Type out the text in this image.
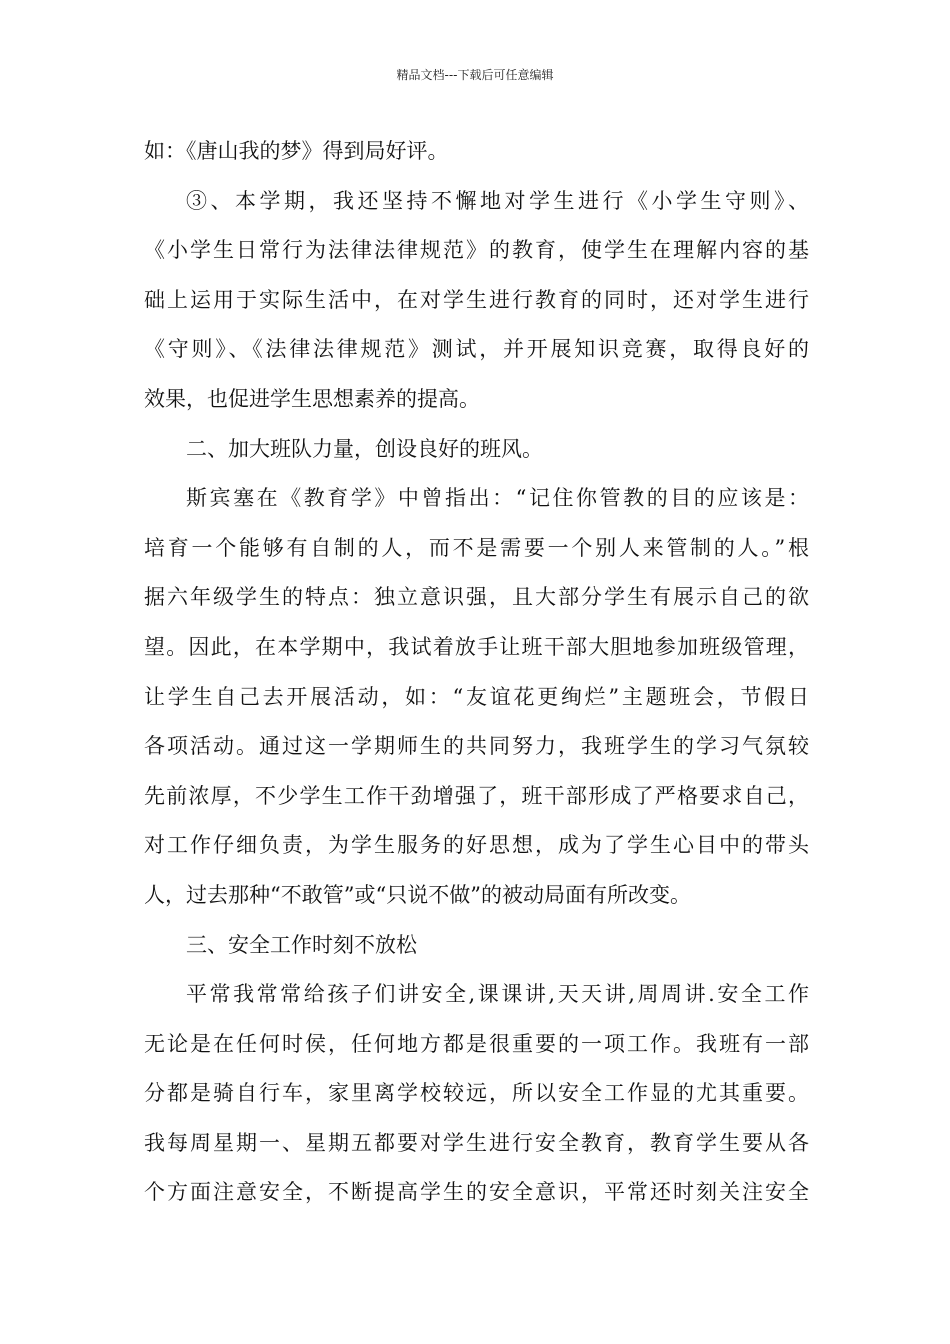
精品文档---下载后可任意编辑
如：《唐山我的梦》得到局好评。
③、本学期，我还坚持不懈地对学生进行《小学生守则》、
《小学生日常行为法律法律规范》的教育，使学生在理解内容的基
础上运用于实际生活中，在对学生进行教育的同时，还对学生进行
《守则》、《法律法律规范》测试，并开展知识竞赛，取得良好的
效果，也促进学生思想素养的提高。
二、加大班队力量，创设良好的班风。
斯宾塞在《教育学》中曾指出：“记住你管教的目的应该是：
培育一个能够有自制的人，而不是需要一个别人来管制的人。”根
据六年级学生的特点：独立意识强，且大部分学生有展示自己的欲
望。因此，在本学期中，我试着放手让班干部大胆地参加班级管理，
让学生自己去开展活动，如：“友谊花更绚烂”主题班会，节假日
各项活动。通过这一学期师生的共同努力，我班学生的学习气氛较
先前浓厚，不少学生工作干劲增强了，班干部形成了严格要求自己，
对工作仔细负责，为学生服务的好思想，成为了学生心目中的带头
人，过去那种“不敢管”或“只说不做”的被动局面有所改变。
三、安全工作时刻不放松
平常我常常给孩子们讲安全,课课讲,天天讲,周周讲.安全工作
无论是在任何时侯，任何地方都是很重要的一项工作。我班有一部
分都是骑自行车，家里离学校较远，所以安全工作显的尤其重要。
我每周星期一、星期五都要对学生进行安全教育，教育学生要从各
个方面注意安全，不断提高学生的安全意识，平常还时刻关注安全
